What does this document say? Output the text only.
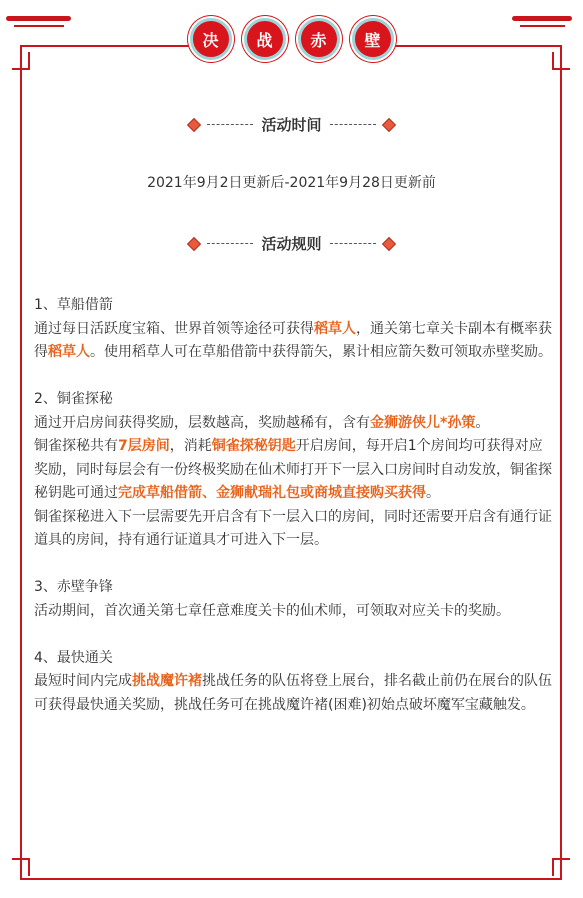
决 战 赤 壁
活动时间
2021年9月2日更新后-2021年9月28日更新前
活动规则

1、草船借箭

通过每日活跃度宝箱、世界首领等途径可获得稻草人，通关第七章关卡副本有概率获得稻草人。使用稻草人可在草船借箭中获得箭矢，累计相应箭矢数可领取赤壁奖励。

2、铜雀探秘

通过开启房间获得奖励，层数越高，奖励越稀有，含有金狮游侠儿*孙策。

铜雀探秘共有7层房间，消耗铜雀探秘钥匙开启房间，每开启1个房间均可获得对应奖励，同时每层会有一份终极奖励在仙术师打开下一层入口房间时自动发放，铜雀探秘钥匙可通过完成草船借箭、金狮献瑞礼包或商城直接购买获得。

铜雀探秘进入下一层需要先开启含有下一层入口的房间，同时还需要开启含有通行证道具的房间，持有通行证道具才可进入下一层。

3、赤壁争锋

活动期间，首次通关第七章任意难度关卡的仙术师，可领取对应关卡的奖励。

4、最快通关

最短时间内完成挑战魔许褚挑战任务的队伍将登上展台，排名截止前仍在展台的队伍可获得最快通关奖励，挑战任务可在挑战魔许褚(困难)初始点破坏魔军宝藏触发。
